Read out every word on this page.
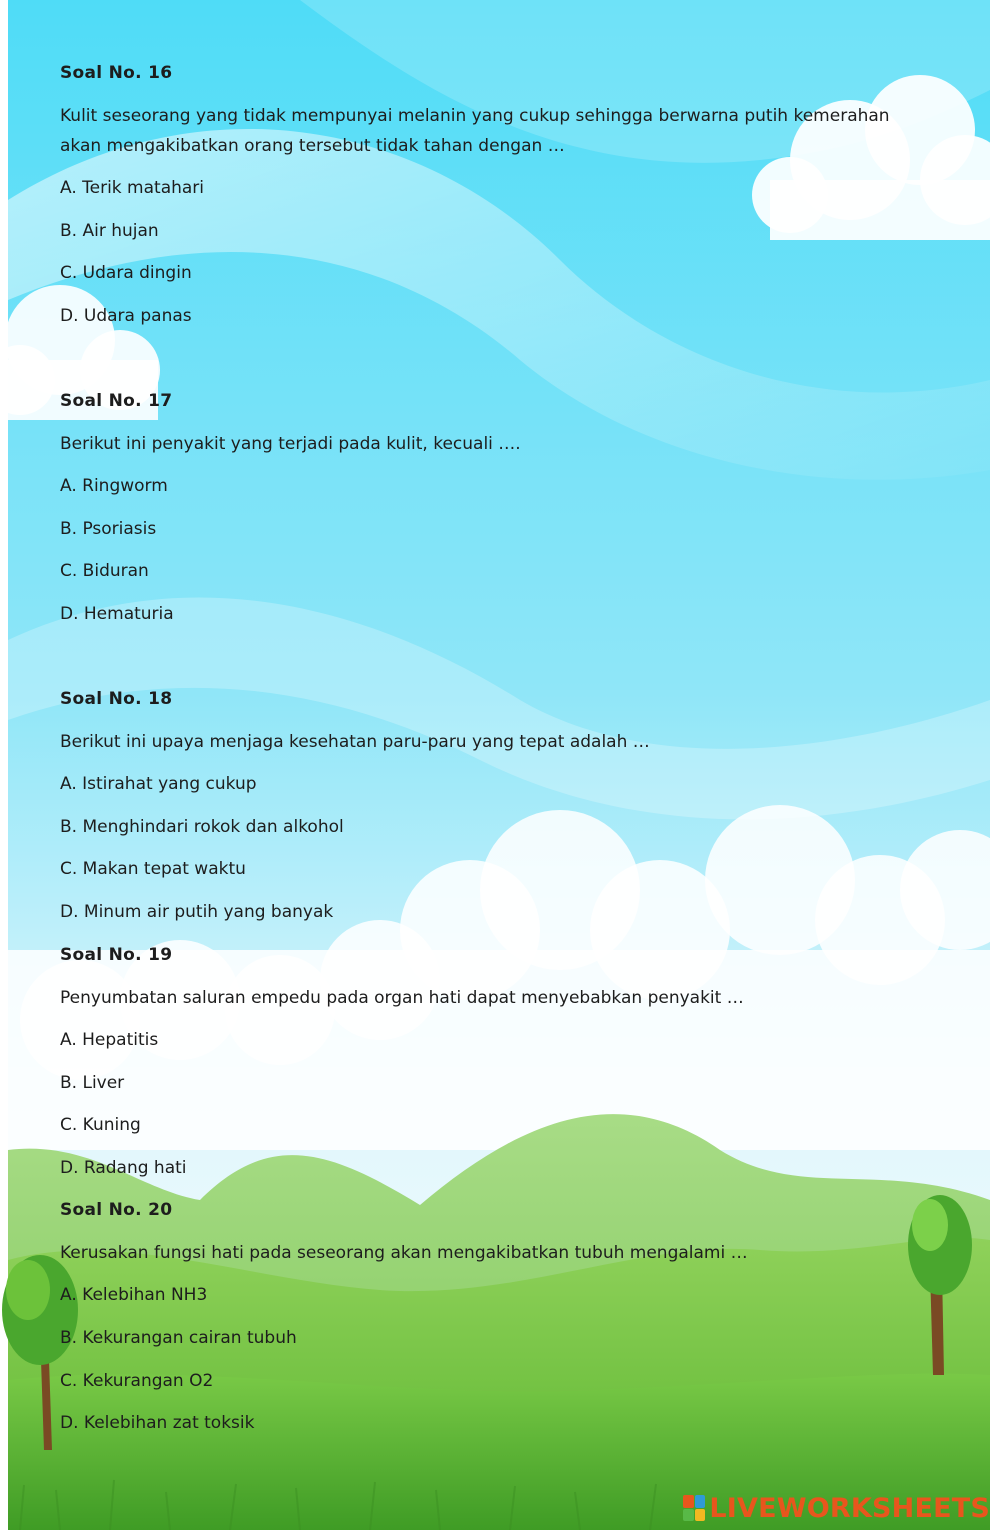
Soal No. 16

Kulit seseorang yang tidak mempunyai melanin yang cukup sehingga berwarna putih kemerahan akan mengakibatkan orang tersebut tidak tahan dengan …

A. Terik matahari

B. Air hujan

C. Udara dingin

D. Udara panas

Soal No. 17

Berikut ini penyakit yang terjadi pada kulit, kecuali ….

A. Ringworm

B. Psoriasis

C. Biduran

D. Hematuria

Soal No. 18

Berikut ini upaya menjaga kesehatan paru-paru yang tepat adalah …

A. Istirahat yang cukup

B. Menghindari rokok dan alkohol

C. Makan tepat waktu

D. Minum air putih yang banyak

Soal No. 19

Penyumbatan saluran empedu pada organ hati dapat menyebabkan penyakit …

A. Hepatitis

B. Liver

C. Kuning

D. Radang hati

Soal No. 20

Kerusakan fungsi hati pada seseorang akan mengakibatkan tubuh mengalami …

A. Kelebihan NH3

B. Kekurangan cairan tubuh

C. Kekurangan O2

D. Kelebihan zat toksik

LIVEWORKSHEETS
